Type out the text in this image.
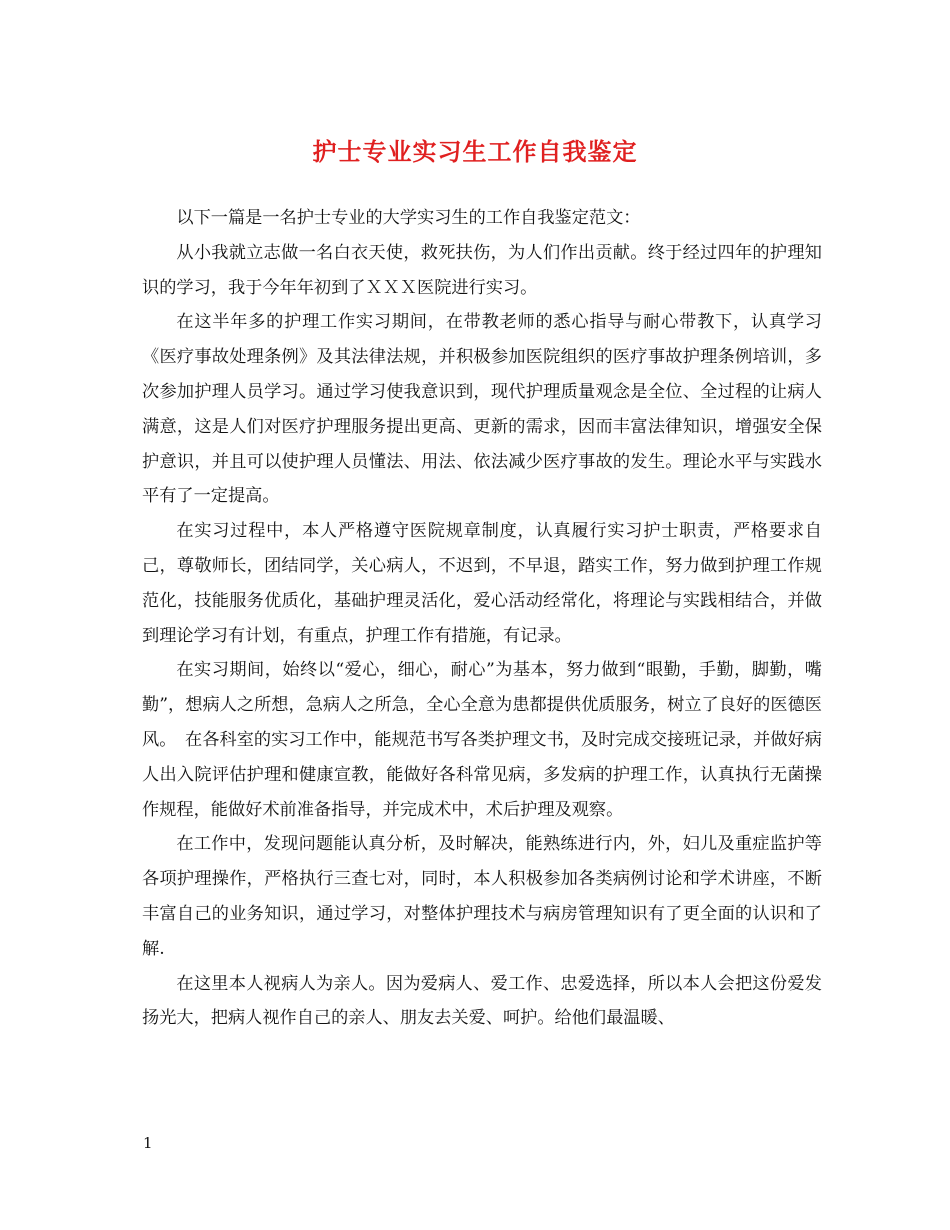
护士专业实习生工作自我鉴定

以下一篇是一名护士专业的大学实习生的工作自我鉴定范文：

从小我就立志做一名白衣天使，救死扶伤，为人们作出贡献。终于经过四年的护理知识的学习，我于今年年初到了ＸＸＸ医院进行实习。

在这半年多的护理工作实习期间，在带教老师的悉心指导与耐心带教下，认真学习《医疗事故处理条例》及其法律法规，并积极参加医院组织的医疗事故护理条例培训，多次参加护理人员学习。通过学习使我意识到，现代护理质量观念是全位、全过程的让病人满意，这是人们对医疗护理服务提出更高、更新的需求，因而丰富法律知识，增强安全保护意识，并且可以使护理人员懂法、用法、依法减少医疗事故的发生。理论水平与实践水平有了一定提高。

在实习过程中，本人严格遵守医院规章制度，认真履行实习护士职责，严格要求自己，尊敬师长，团结同学，关心病人，不迟到，不早退，踏实工作，努力做到护理工作规范化，技能服务优质化，基础护理灵活化，爱心活动经常化，将理论与实践相结合，并做到理论学习有计划，有重点，护理工作有措施，有记录。

在实习期间，始终以“爱心，细心，耐心”为基本，努力做到“眼勤，手勤，脚勤，嘴勤”，想病人之所想，急病人之所急，全心全意为患都提供优质服务，树立了良好的医德医风。　在各科室的实习工作中，能规范书写各类护理文书，及时完成交接班记录，并做好病人出入院评估护理和健康宣教，能做好各科常见病，多发病的护理工作，认真执行无菌操作规程，能做好术前准备指导，并完成术中，术后护理及观察。

在工作中，发现问题能认真分析，及时解决，能熟练进行内，外，妇儿及重症监护等各项护理操作，严格执行三查七对，同时，本人积极参加各类病例讨论和学术讲座，不断丰富自己的业务知识，通过学习，对整体护理技术与病房管理知识有了更全面的认识和了解.

在这里本人视病人为亲人。因为爱病人、爱工作、忠爱选择，所以本人会把这份爱发扬光大，把病人视作自己的亲人、朋友去关爱、呵护。给他们最温暖、

1
